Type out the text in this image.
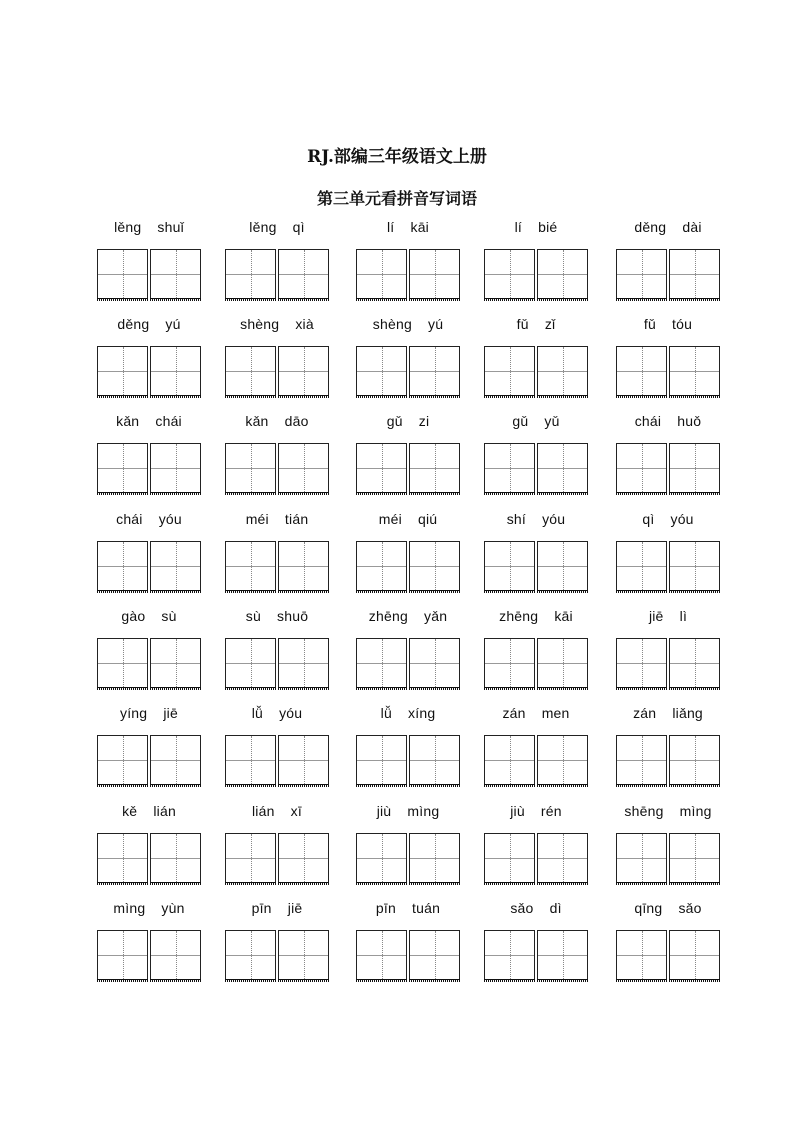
RJ.部编三年级语文上册
第三单元看拼音写词语
lěng shuǐ	lěng qì	lí kāi	lí bié	děng dài
děng yú	shèng xià	shèng yú	fǔ zǐ	fǔ tóu
kǎn chái	kǎn dāo	gǔ zi	gǔ yǔ	chái huǒ
chái yóu	méi tián	méi qiú	shí yóu	qì yóu
gào sù	sù shuō	zhēng yǎn	zhēng kāi	jiē lì
yíng jiē	lǚ yóu	lǚ xíng	zán men	zán liǎng
kě lián	lián xī	jiù mìng	jiù rén	shēng mìng
mìng yùn	pīn jiē	pīn tuán	sǎo dì	qīng sǎo
